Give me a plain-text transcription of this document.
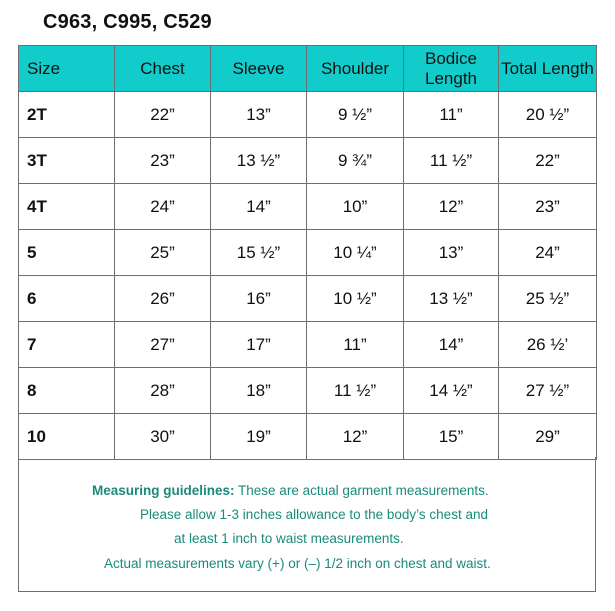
C963, C995, C529
Size	Chest	Sleeve	Shoulder	Bodice Length	Total Length
2T	22”	13”	9 ½”	11”	20 ½”
3T	23”	13 ½”	9 ¾”	11 ½”	22”
4T	24”	14”	10”	12”	23”
5	25”	15 ½”	10 ¼”	13”	24”
6	26”	16”	10 ½”	13 ½”	25 ½”
7	27”	17”	11”	14”	26 ½’
8	28”	18”	11 ½”	14 ½”	27 ½”
10	30”	19”	12”	15”	29”
Measuring guidelines: These are actual garment measurements.
Please allow 1-3 inches allowance to the body’s chest and
at least 1 inch to waist measurements.
Actual measurements vary (+) or (–) 1/2 inch on chest and waist.
